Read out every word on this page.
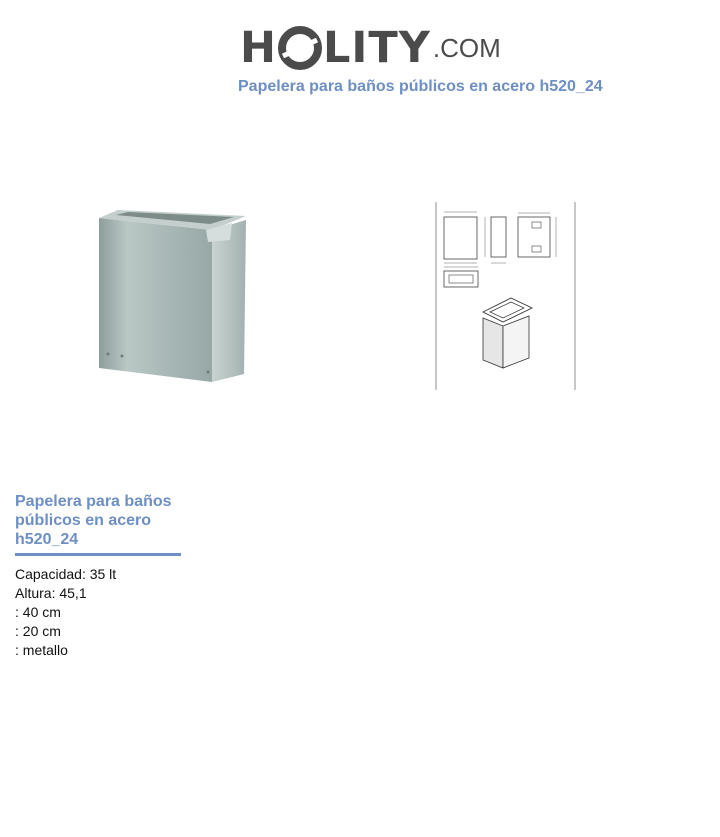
H LITY .COM
Papelera para baños públicos en acero h520_24
Papelera para baños públicos en acero h520_24
Capacidad: 35 lt
Altura: 45,1
: 40 cm
: 20 cm
: metallo
